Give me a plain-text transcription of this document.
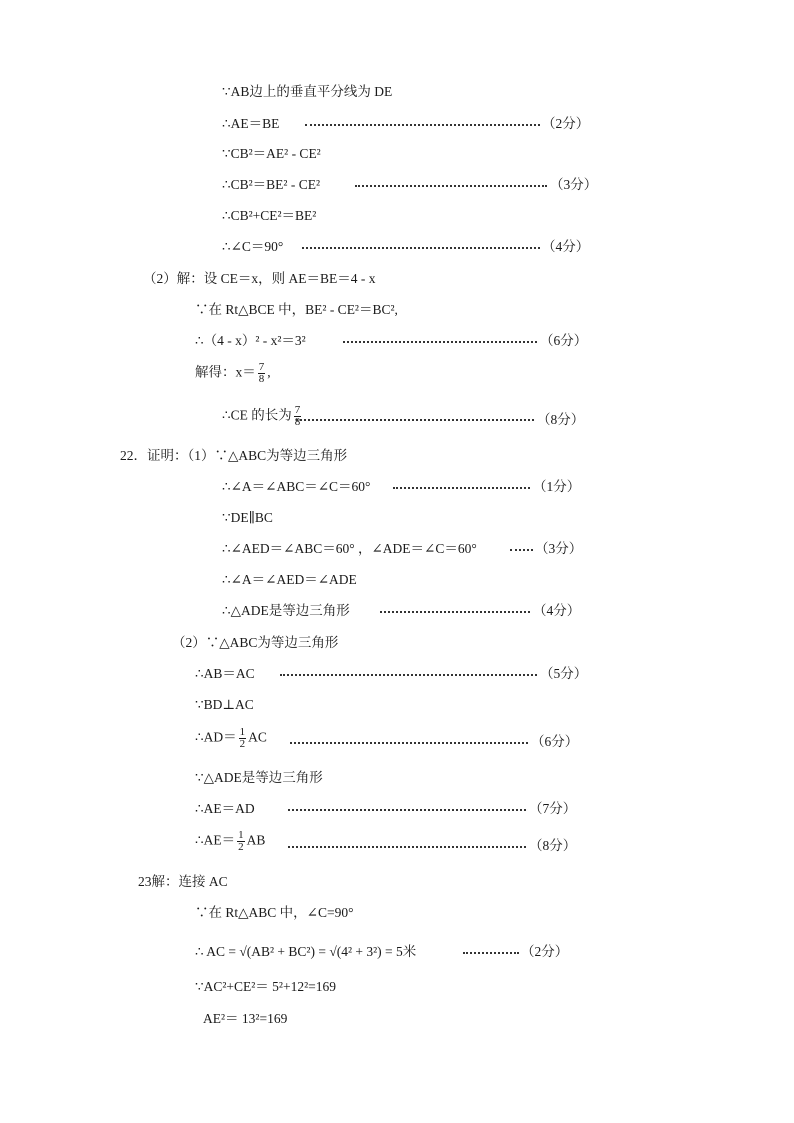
∵AB边上的垂直平分线为 DE
∴AE＝BE	（2分）
∵CB²＝AE² - CE²
∴CB²＝BE² - CE²	（3分）
∴CB²+CE²＝BE²
∴∠C＝90°	（4分）
（2）解：设 CE＝x，则 AE＝BE＝4 - x
∵在 Rt△BCE 中，BE² - CE²＝BC²,
∴（4 - x）² - x²＝3²	（6分）
解得：$x= \frac{7}{8}$ ,
∴CE 的长为 $\frac{7}{8}$	（8分）
22．证明：（1）∵△ABC为等边三角形
∴∠A＝∠ABC＝∠C＝60°	（1分）
∵DE∥BC
∴∠AED＝∠ABC＝60° ，∠ADE＝∠C＝60°	（3分）
∴∠A＝∠AED＝∠ADE
∴△ADE是等边三角形	（4分）
（2）∵△ABC为等边三角形
∴AB＝AC	（5分）
∵BD⊥AC
∴AD＝ $\frac{1}{2}$ AC	（6分）
∵△ADE是等边三角形
∴AE＝AD	（7分）
∴AE＝ $\frac{1}{2}$ AB	（8分）
23解：连接 AC
∵在 Rt△ABC 中，∠C=90°
∴ AC = √(AB² + BC²) = √(4² + 3²) = 5米	（2分）
∵AC²+CE²＝ 5²+12²=169
AE²＝ 13²=169
